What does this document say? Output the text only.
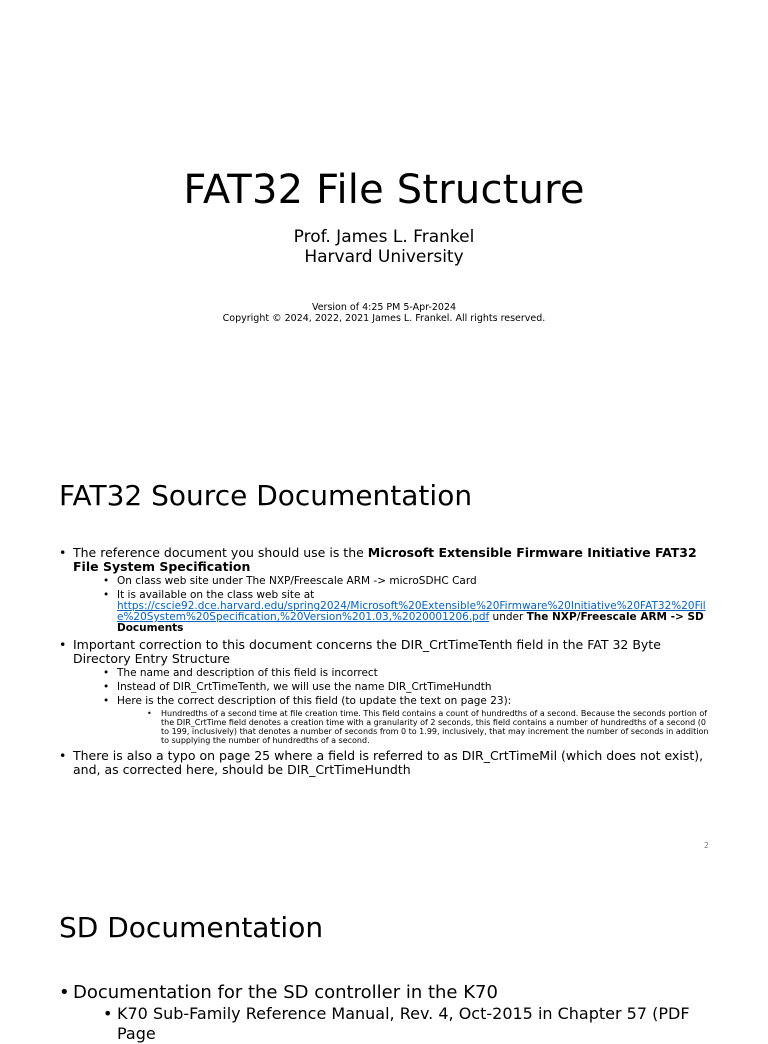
FAT32 File Structure
Prof. James L. Frankel
Harvard University
Version of 4:25 PM 5-Apr-2024
Copyright © 2024, 2022, 2021 James L. Frankel. All rights reserved.
FAT32 Source Documentation
• The reference document you should use is the Microsoft Extensible Firmware Initiative FAT32 File System Specification
• On class web site under The NXP/Freescale ARM -> microSDHC Card
• It is available on the class web site at
https://cscie92.dce.harvard.edu/spring2024/Microsoft%20Extensible%20Firmware%20Initiative%20FAT32%20File%20System%20Specification,%20Version%201.03,%2020001206.pdf under The NXP/Freescale ARM -> SD Documents
• Important correction to this document concerns the DIR_CrtTimeTenth field in the FAT 32 Byte Directory Entry Structure
• The name and description of this field is incorrect
• Instead of DIR_CrtTimeTenth, we will use the name DIR_CrtTimeHundth
• Here is the correct description of this field (to update the text on page 23):
• Hundredths of a second time at file creation time. This field contains a count of hundredths of a second. Because the seconds portion of the DIR_CrtTime field denotes a creation time with a granularity of 2 seconds, this field contains a number of hundredths of a second (0 to 199, inclusively) that denotes a number of seconds from 0 to 1.99, inclusively, that may increment the number of seconds in addition to supplying the number of hundredths of a second.
• There is also a typo on page 25 where a field is referred to as DIR_CrtTimeMil (which does not exist), and, as corrected here, should be DIR_CrtTimeHundth
2
SD Documentation
• Documentation for the SD controller in the K70
• K70 Sub-Family Reference Manual, Rev. 4, Oct-2015 in Chapter 57 (PDF Page
